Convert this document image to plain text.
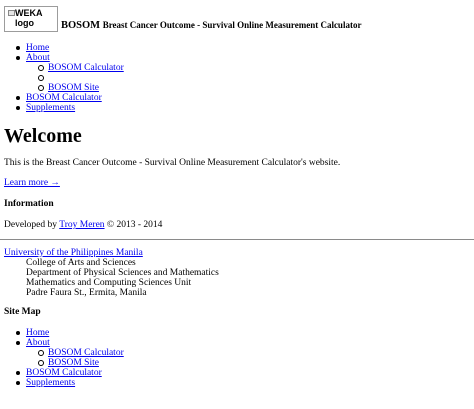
WEKA
logo	BOSOM Breast Cancer Outcome - Survival Online Measurement Calculator
Home
About
BOSOM Calculator
BOSOM Site
BOSOM Calculator
Supplements
Welcome

This is the Breast Cancer Outcome - Survival Online Measurement Calculator's website.

Learn more →

Information

Developed by Troy Meren © 2013 - 2014

University of the Philippines Manila
College of Arts and Sciences
Department of Physical Sciences and Mathematics
Mathematics and Computing Sciences Unit
Padre Faura St., Ermita, Manila
Site Map
Home
About
BOSOM Calculator
BOSOM Site
BOSOM Calculator
Supplements
